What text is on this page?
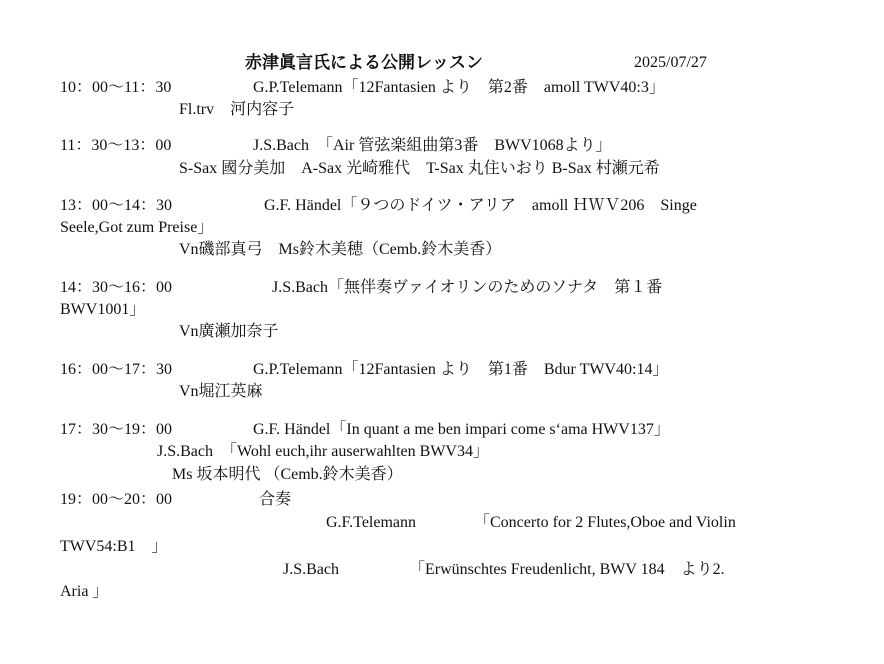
赤津眞言氏による公開レッスン	2025/07/27
10：00〜11：30	G.P.Telemann「12Fantasien より　第2番　amoll TWV40:3」
Fl.trv　河内容子
11：30〜13：00	J.S.Bach　「Air 管弦楽組曲第3番　BWV1068より」
S-Sax 國分美加　A-Sax 光崎雅代　T-Sax 丸住いおり B-Sax 村瀬元希
13：00〜14：30	G.F. Händel「９つのドイツ・アリア　amoll ＨＷＶ206　Singe
Seele,Got zum Preise」
Vn磯部真弓　Ms鈴木美穂（Cemb.鈴木美香）
14：30〜16：00	J.S.Bach「無伴奏ヴァイオリンのためのソナタ　第１番
BWV1001」
Vn廣瀬加奈子
16：00〜17：30	G.P.Telemann「12Fantasien より　第1番　Bdur TWV40:14」
Vn堀江英麻
17：30〜19：00	G.F. Händel「In quant a me ben impari come s‘ama HWV137」
J.S.Bach　「Wohl euch,ihr auserwahlten BWV34」
Ms 坂本明代 （Cemb.鈴木美香）
19：00〜20：00	合奏
G.F.Telemann	「Concerto for 2 Flutes,Oboe and Violin
TWV54:B1　」
J.S.Bach	「Erwünschtes Freudenlicht, BWV 184　より2.
Aria 」
